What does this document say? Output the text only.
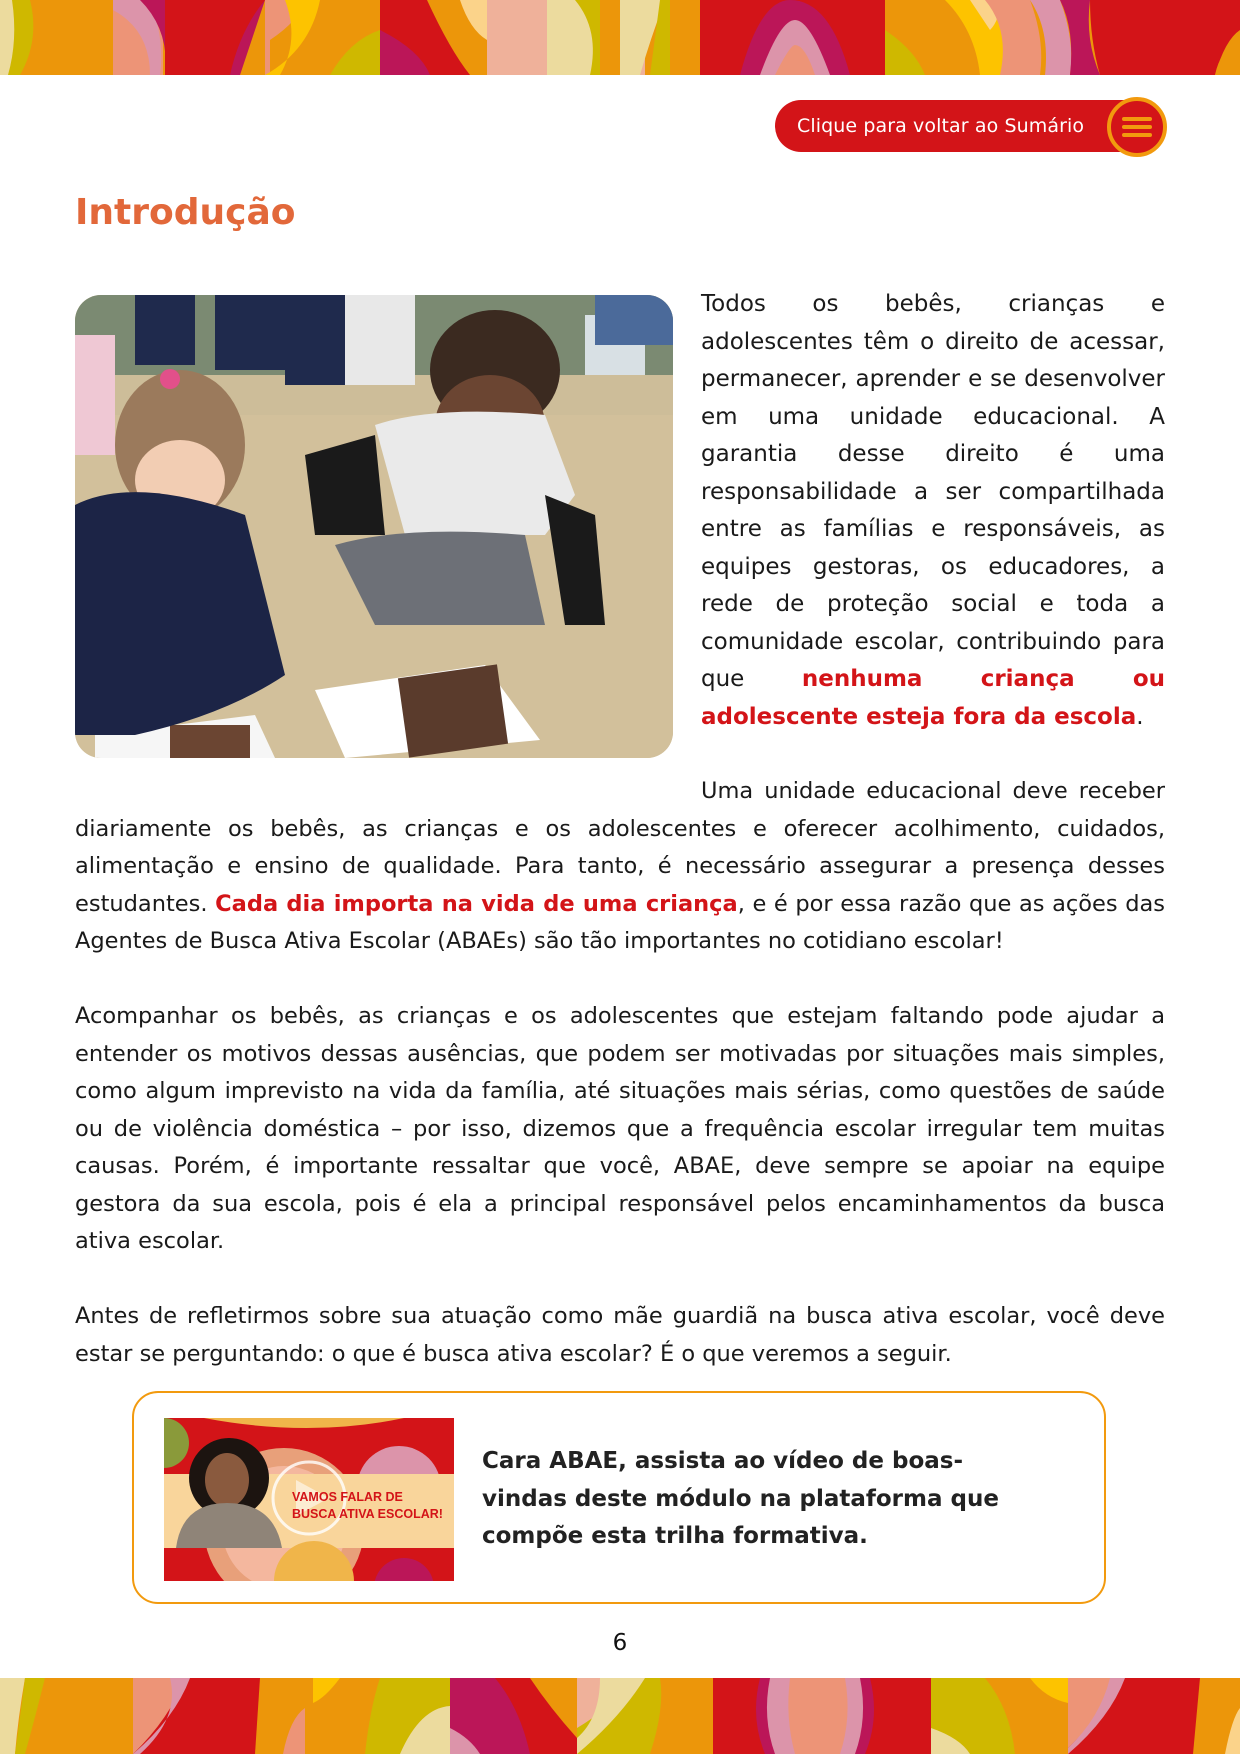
Clique para voltar ao Sumário
Introdução

Todos os bebês, crianças e adolescentes têm o direito de acessar, permanecer, aprender e se desenvolver em uma unidade educacional. A garantia desse direito é uma responsabilidade a ser compartilhada entre as famílias e responsáveis, as equipes gestoras, os educadores, a rede de proteção social e toda a comunidade escolar, contribuindo para que nenhuma criança ou adolescente esteja fora da escola.

Uma unidade educacional deve receber diariamente os bebês, as crianças e os adolescentes e oferecer acolhimento, cuidados, alimentação e ensino de qualidade. Para tanto, é necessário assegurar a presença desses estudantes. Cada dia importa na vida de uma criança, e é por essa razão que as ações das Agentes de Busca Ativa Escolar (ABAEs) são tão importantes no cotidiano escolar!

Acompanhar os bebês, as crianças e os adolescentes que estejam faltando pode ajudar a entender os motivos dessas ausências, que podem ser motivadas por situações mais simples, como algum imprevisto na vida da família, até situações mais sérias, como questões de saúde ou de violência doméstica – por isso, dizemos que a frequência escolar irregular tem muitas causas. Porém, é importante ressaltar que você, ABAE, deve sempre se apoiar na equipe gestora da sua escola, pois é ela a principal responsável pelos encaminhamentos da busca ativa escolar.

Antes de refletirmos sobre sua atuação como mãe guardiã na busca ativa escolar, você deve estar se perguntando: o que é busca ativa escolar? É o que veremos a seguir.

VAMOS FALAR DE
BUSCA ATIVA ESCOLAR!

Cara ABAE, assista ao vídeo de boas-vindas deste módulo na plataforma que compõe esta trilha formativa.

6
